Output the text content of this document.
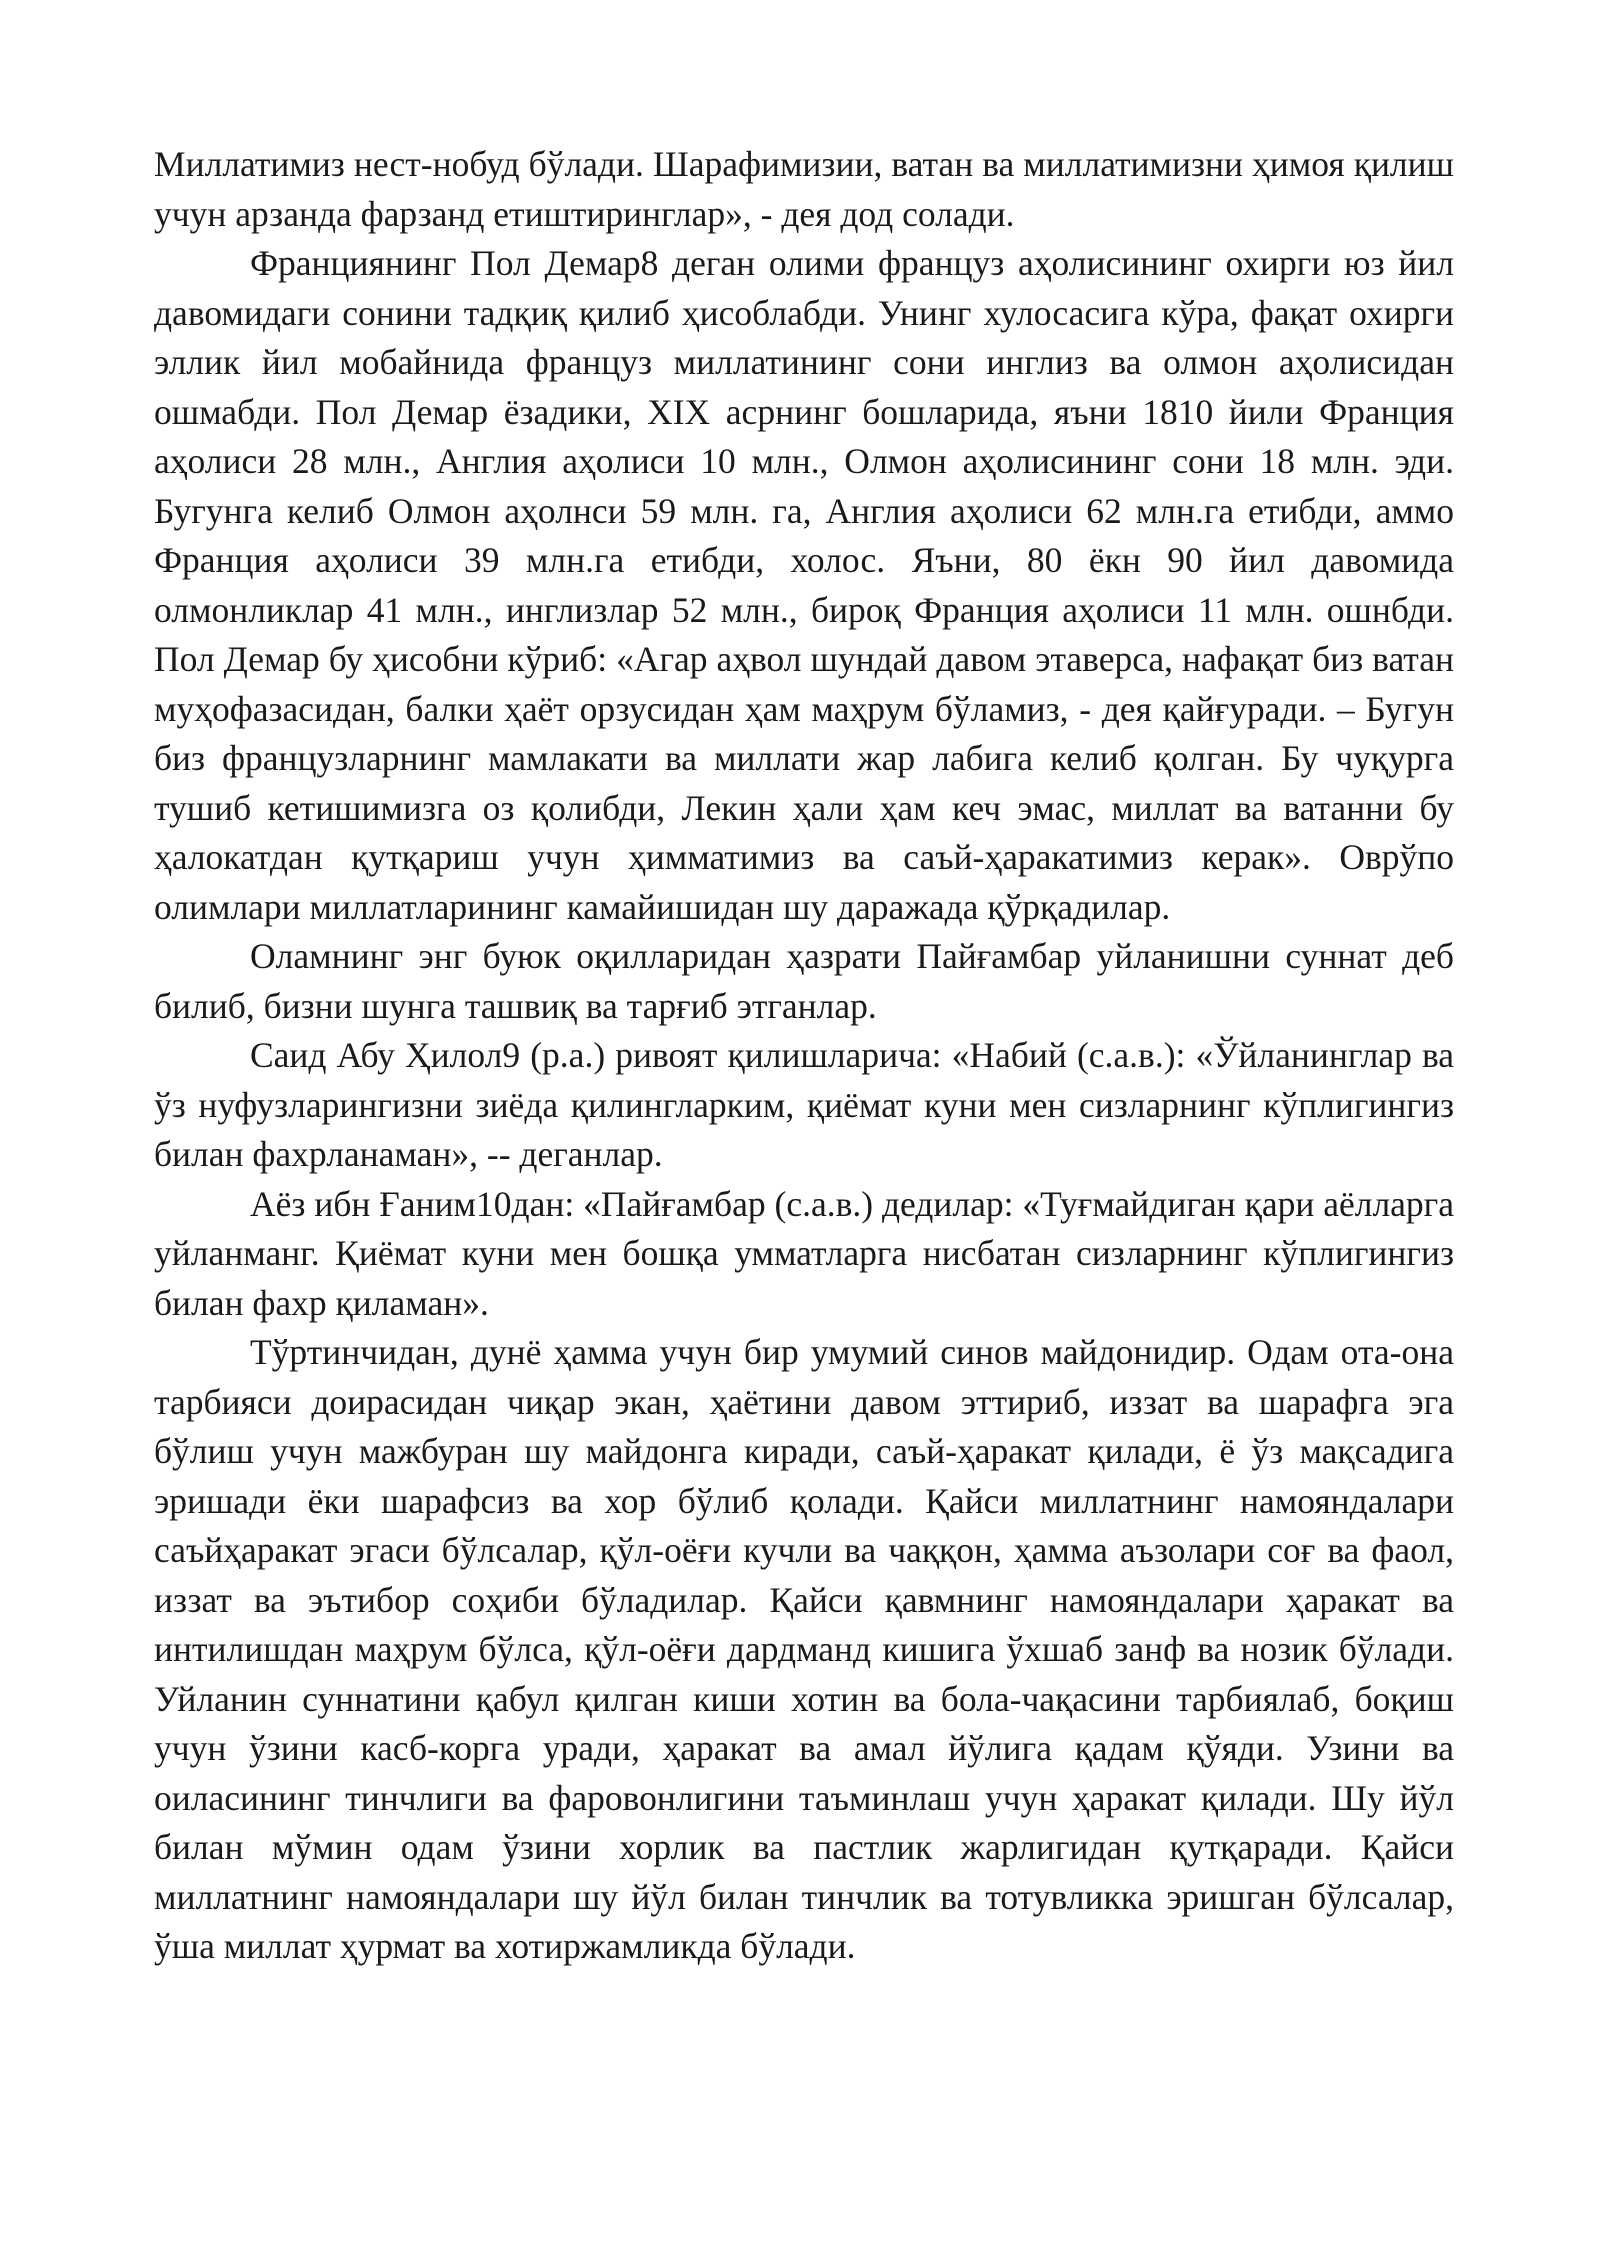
Миллатимиз нест-нобуд бўлади. Шарафимизии, ватан ва миллатимизни ҳимоя қилиш учун арзанда фарзанд етиштиринглар», - дея дод солади.

Франциянинг Пол Демар8 деган олими француз аҳолисининг охирги юз йил давомидаги сонини тадқиқ қилиб ҳисоблабди. Унинг хулосасига кўра, фақат охирги эллик йил мобайнида француз миллатининг сони инглиз ва олмон аҳолисидан ошмабди. Пол Демар ёзадики, XIX асрнинг бошларида, яъни 1810 йили Франция аҳолиси 28 млн., Англия аҳолиси 10 млн., Олмон аҳолисининг сони 18 млн. эди. Бугунга келиб Олмон аҳолнси 59 млн. га, Англия аҳолиси 62 млн.га етибди, аммо Франция аҳолиси 39 млн.га етибди, холос. Яъни, 80 ёкн 90 йил давомида олмонликлар 41 млн., инглизлар 52 млн., бироқ Франция аҳолиси 11 млн. ошнбди. Пол Демар бу ҳисобни кўриб: «Агар аҳвол шундай давом этаверса, нафақат биз ватан муҳофазасидан, балки ҳаёт орзусидан ҳам маҳрум бўламиз, - дея қайғуради. – Бугун биз французларнинг мамлакати ва миллати жар лабига келиб қолган. Бу чуқурга тушиб кетишимизга оз қолибди, Лекин ҳали ҳам кеч эмас, миллат ва ватанни бу ҳалокатдан қутқариш учун ҳимматимиз ва саъй-ҳаракатимиз керак». Оврўпо олимлари миллатларининг камайишидан шу даражада қўрқадилар.

Оламнинг энг буюк оқилларидан ҳазрати Пайғамбар уйланишни суннат деб билиб, бизни шунга ташвиқ ва тарғиб этганлар.

Саид Абу Ҳилол9 (р.а.) ривоят қилишларича: «Набий (с.а.в.): «Ўйланинглар ва ўз нуфузларингизни зиёда қилингларким, қиёмат куни мен сизларнинг кўплигингиз билан фахрланаман», -- деганлар.

Аёз ибн Ғаним10дан: «Пайғамбар (с.а.в.) дедилар: «Туғмайдиган қари аёлларга уйланманг. Қиёмат куни мен бошқа умматларга нисбатан сизларнинг кўплигингиз билан фахр қиламан».

Тўртинчидан, дунё ҳамма учун бир умумий синов майдонидир. Одам ота-она тарбияси доирасидан чиқар экан, ҳаётини давом эттириб, иззат ва шарафга эга бўлиш учун мажбуран шу майдонга киради, саъй-ҳаракат қилади, ё ўз мақсадига эришади ёки шарафсиз ва хор бўлиб қолади. Қайси миллатнинг намояндалари саъйҳаракат эгаси бўлсалар, қўл-оёғи кучли ва чаққон, ҳамма аъзолари соғ ва фаол, иззат ва эътибор соҳиби бўладилар. Қайси қавмнинг намояндалари ҳаракат ва интилишдан маҳрум бўлса, қўл-оёғи дардманд кишига ўхшаб занф ва нозик бўлади. Уйланин суннатини қабул қилган киши хотин ва бола-чақасини тарбиялаб, боқиш учун ўзини касб-корга уради, ҳаракат ва амал йўлига қадам қўяди. Узини ва оиласининг тинчлиги ва фаровонлигини таъминлаш учун ҳаракат қилади. Шу йўл билан мўмин одам ўзини хорлик ва пастлик жарлигидан қутқаради. Қайси миллатнинг намояндалари шу йўл билан тинчлик ва тотувликка эришган бўлсалар, ўша миллат ҳурмат ва хотиржамликда бўлади.
